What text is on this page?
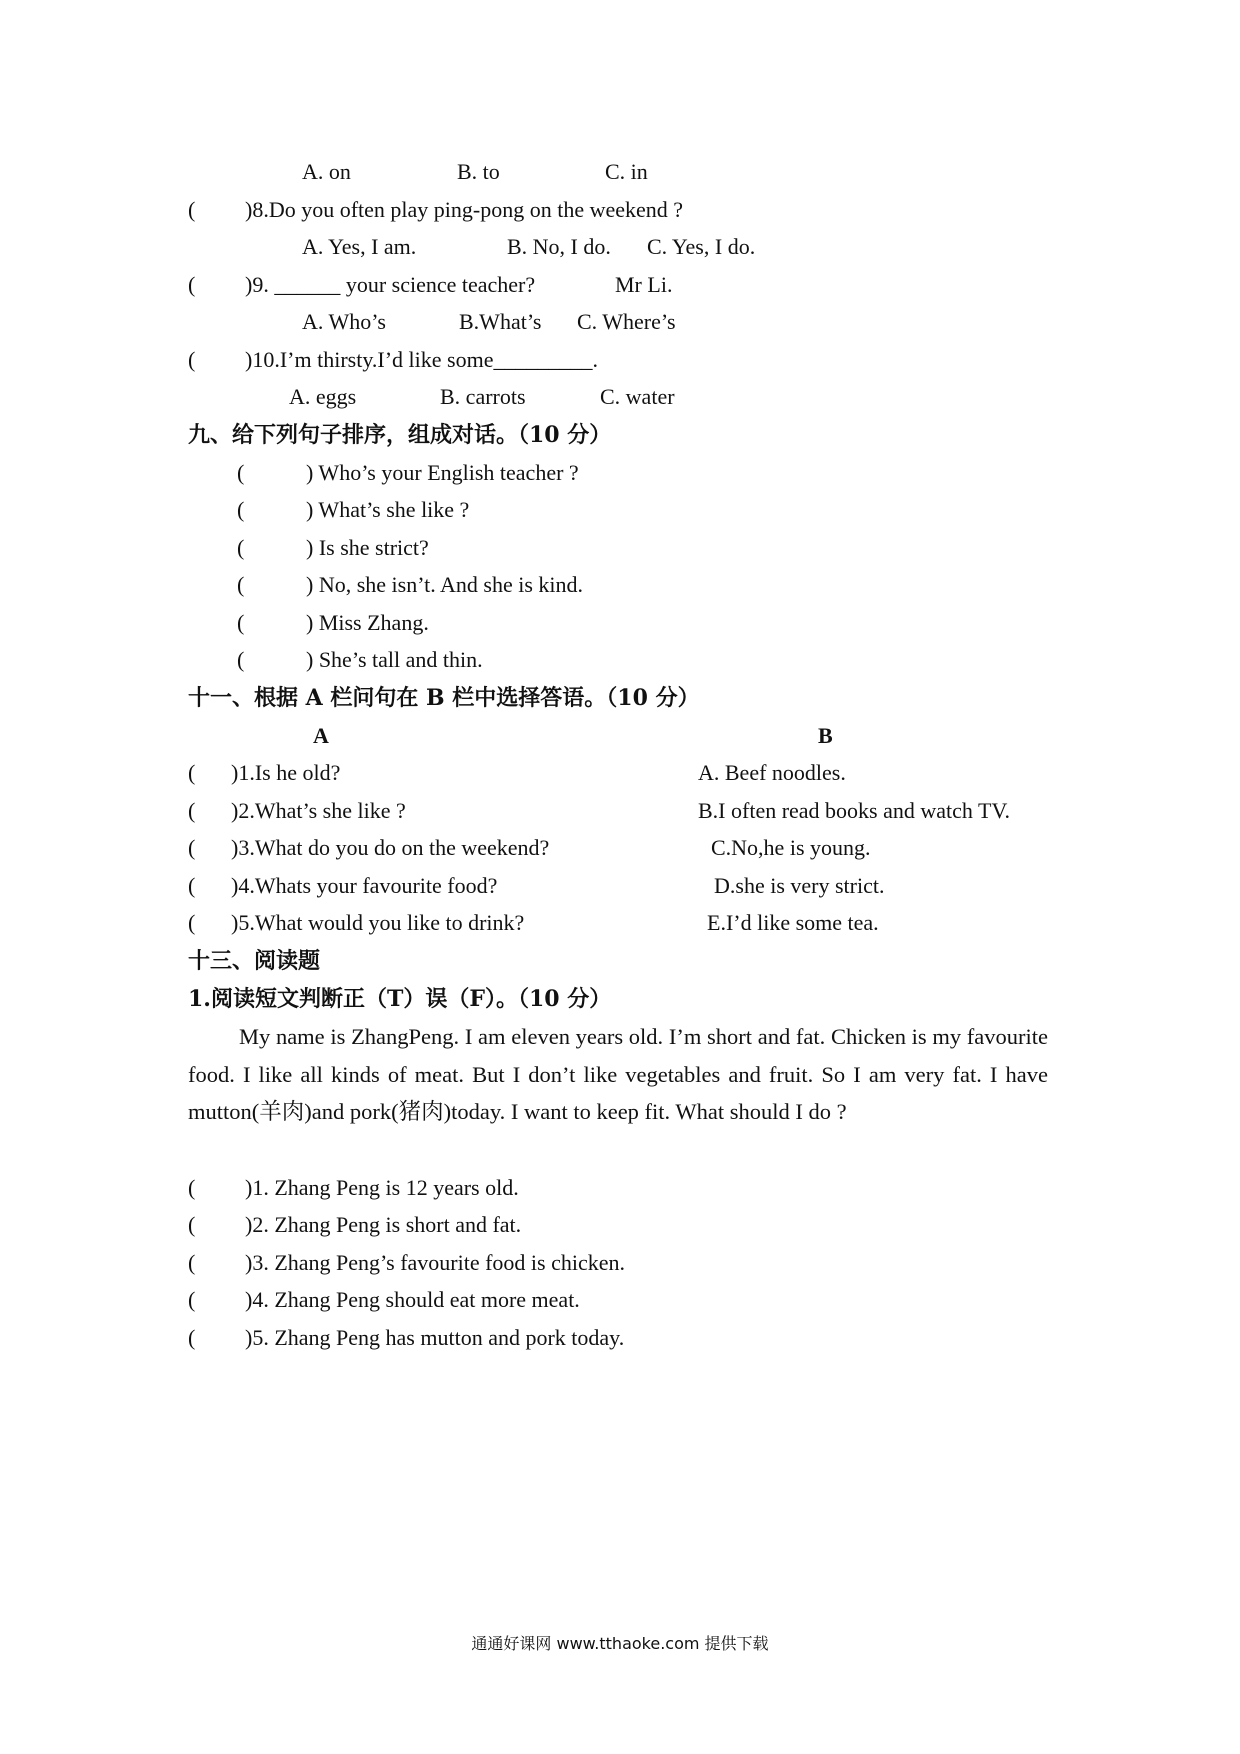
A. on	B. to	C. in
( )8.Do you often play ping-pong on the weekend ?
A. Yes, I am.	B. No, I do. C. Yes, I do.
( )9. ______ your science teacher?	Mr Li.
A. Who’s	B.What’s C. Where’s
( )10.I’m thirsty.I’d like some_________.
A. eggs	B. carrots	C. water
九、给下列句子排序，组成对话。（10 分）
(	) Who’s your English teacher ?
(	) What’s she like ?
(	) Is she strict?
(	) No, she isn’t. And she is kind.
(	) Miss Zhang.
(	) She’s tall and thin.
十一、根据 A 栏问句在 B 栏中选择答语。（10 分）
A	B
( )1.Is he old?	A. Beef noodles.
( )2.What’s she like ?	B.I often read books and watch TV.
( )3.What do you do on the weekend?	C.No,he is young.
( )4.Whats your favourite food?	D.she is very strict.
( )5.What would you like to drink?	E.I’d like some tea.
十三、阅读题
1.阅读短文判断正（T）误（F）。（10 分）
My name is ZhangPeng. I am eleven years old. I’m short and fat. Chicken is my favourite food. I like all kinds of meat. But I don’t like vegetables and fruit. So I am very fat. I have mutton(羊肉)and pork(猪肉)today. I want to keep fit. What should I do ?
( )1. Zhang Peng is 12 years old.
( )2. Zhang Peng is short and fat.
( )3. Zhang Peng’s favourite food is chicken.
( )4. Zhang Peng should eat more meat.
( )5. Zhang Peng has mutton and pork today.
通通好课网 www.tthaoke.com 提供下载
